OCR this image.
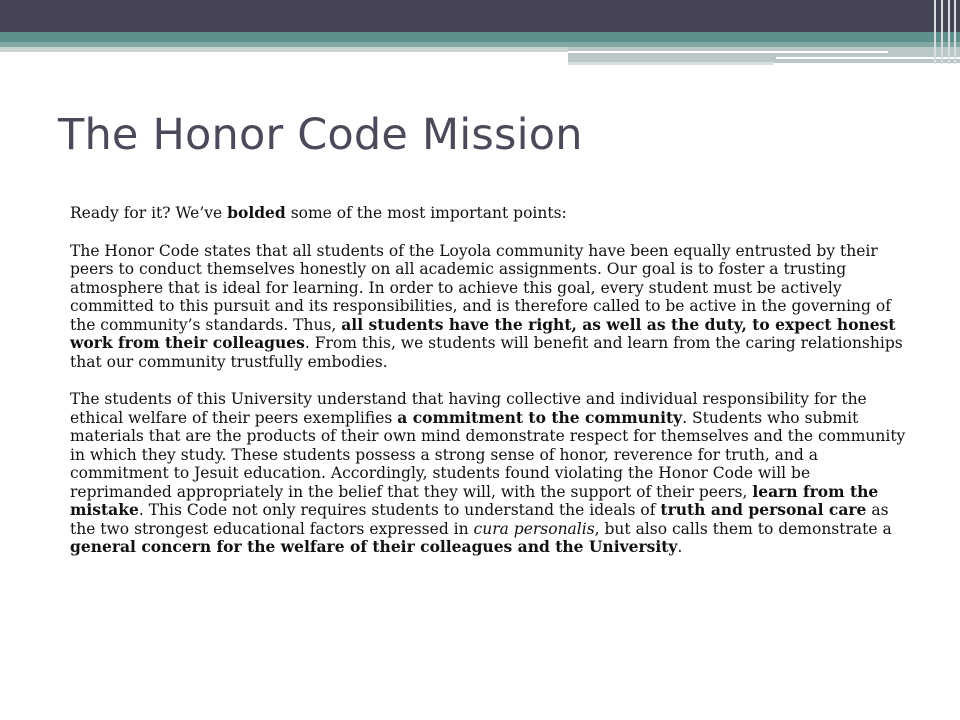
The Honor Code Mission

Ready for it? We’ve bolded some of the most important points:

The Honor Code states that all students of the Loyola community have been equally entrusted by their peers to conduct themselves honestly on all academic assignments. Our goal is to foster a trusting atmosphere that is ideal for learning. In order to achieve this goal, every student must be actively committed to this pursuit and its responsibilities, and is therefore called to be active in the governing of the community’s standards. Thus, all students have the right, as well as the duty, to expect honest work from their colleagues. From this, we students will benefit and learn from the caring relationships that our community trustfully embodies.

The students of this University understand that having collective and individual responsibility for the ethical welfare of their peers exemplifies a commitment to the community. Students who submit materials that are the products of their own mind demonstrate respect for themselves and the community in which they study. These students possess a strong sense of honor, reverence for truth, and a commitment to Jesuit education. Accordingly, students found violating the Honor Code will be reprimanded appropriately in the belief that they will, with the support of their peers, learn from the mistake. This Code not only requires students to understand the ideals of truth and personal care as the two strongest educational factors expressed in cura personalis, but also calls them to demonstrate a general concern for the welfare of their colleagues and the University.
